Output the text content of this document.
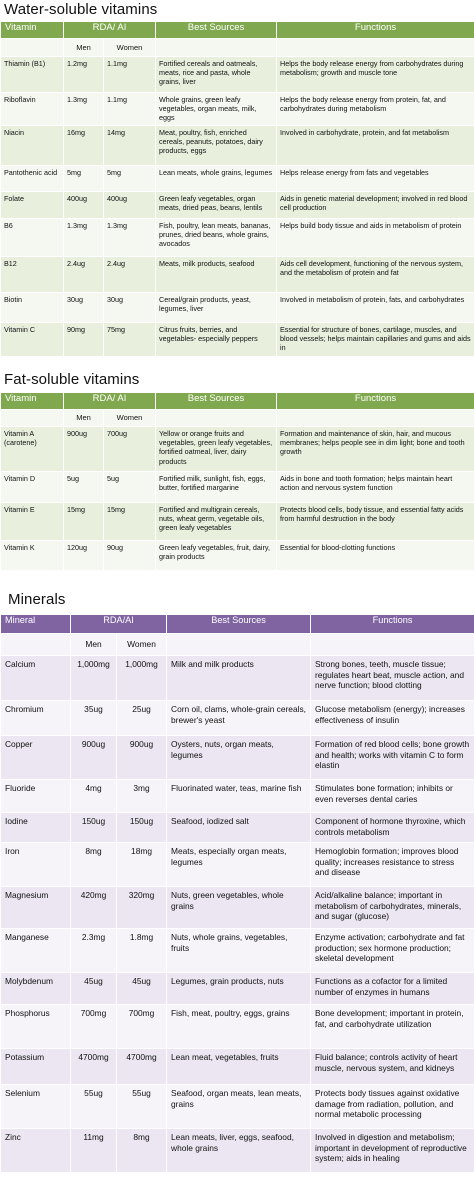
Water-soluble vitamins
Vitamin	RDA/ AI		Best Sources	Functions
	Men	Women		
Thiamin (B1)	1.2mg	1.1mg	Fortified cereals and oatmeals, meats, rice and pasta, whole grains, liver	Helps the body release energy from carbohydrates during metabolism; growth and muscle tone
Riboflavin	1.3mg	1.1mg	Whole grains, green leafy vegetables, organ meats, milk, eggs	Helps the body release energy from protein, fat, and carbohydrates during metabolism
Niacin	16mg	14mg	Meat, poultry, fish, enriched cereals, peanuts, potatoes, dairy products, eggs	Involved in carbohydrate, protein, and fat metabolism
Pantothenic acid	5mg	5mg	Lean meats, whole grains, legumes	Helps release energy from fats and vegetables
Folate	400ug	400ug	Green leafy vegetables, organ meats, dried peas, beans, lentils	Aids in genetic material development; involved in red blood cell production
B6	1.3mg	1.3mg	Fish, poultry, lean meats, bananas, prunes, dried beans, whole grains, avocados	Helps build body tissue and aids in metabolism of protein
B12	2.4ug	2.4ug	Meats, milk products, seafood	Aids cell development, functioning of the nervous system, and the metabolism of protein and fat
Biotin	30ug	30ug	Cereal/grain products, yeast, legumes, liver	Involved in metabolism of protein, fats, and carbohydrates
Vitamin C	90mg	75mg	Citrus fruits, berries, and vegetables- especially peppers	Essential for structure of bones, cartilage, muscles, and blood vessels; helps maintain capillaries and gums and aids in
Fat-soluble vitamins
Vitamin	RDA/ AI		Best Sources	Functions
	Men	Women		
Vitamin A (carotene)	900ug	700ug	Yellow or orange fruits and vegetables, green leafy vegetables, fortified oatmeal, liver, dairy products	Formation and maintenance of skin, hair, and mucous membranes; helps people see in dim light; bone and tooth growth
Vitamin D	5ug	5ug	Fortified milk, sunlight, fish, eggs, butter, fortified margarine	Aids in bone and tooth formation; helps maintain heart action and nervous system function
Vitamin E	15mg	15mg	Fortified and multigrain cereals, nuts, wheat germ, vegetable oils, green leafy vegetables	Protects blood cells, body tissue, and essential fatty acids from harmful destruction in the body
Vitamin K	120ug	90ug	Green leafy vegetables, fruit, dairy, grain products	Essential for blood-clotting functions
Minerals
Mineral	RDA/AI		Best Sources	Functions
	Men	Women		
Calcium	1,000mg	1,000mg	Milk and milk products	Strong bones, teeth, muscle tissue; regulates heart beat, muscle action, and nerve function; blood clotting
Chromium	35ug	25ug	Corn oil, clams, whole-grain cereals, brewer's yeast	Glucose metabolism (energy); increases effectiveness of insulin
Copper	900ug	900ug	Oysters, nuts, organ meats, legumes	Formation of red blood cells; bone growth and health; works with vitamin C to form elastin
Fluoride	4mg	3mg	Fluorinated water, teas, marine fish	Stimulates bone formation; inhibits or even reverses dental caries
Iodine	150ug	150ug	Seafood, iodized salt	Component of hormone thyroxine, which controls metabolism
Iron	8mg	18mg	Meats, especially organ meats, legumes	Hemoglobin formation; improves blood quality; increases resistance to stress and disease
Magnesium	420mg	320mg	Nuts, green vegetables, whole grains	Acid/alkaline balance; important in metabolism of carbohydrates, minerals, and sugar (glucose)
Manganese	2.3mg	1.8mg	Nuts, whole grains, vegetables, fruits	Enzyme activation; carbohydrate and fat production; sex hormone production; skeletal development
Molybdenum	45ug	45ug	Legumes, grain products, nuts	Functions as a cofactor for a limited number of enzymes in humans
Phosphorus	700mg	700mg	Fish, meat, poultry, eggs, grains	Bone development; important in protein, fat, and carbohydrate utilization
Potassium	4700mg	4700mg	Lean meat, vegetables, fruits	Fluid balance; controls activity of heart muscle, nervous system, and kidneys
Selenium	55ug	55ug	Seafood, organ meats, lean meats, grains	Protects body tissues against oxidative damage from radiation, pollution, and normal metabolic processing
Zinc	11mg	8mg	Lean meats, liver, eggs, seafood, whole grains	Involved in digestion and metabolism; important in development of reproductive system; aids in healing
